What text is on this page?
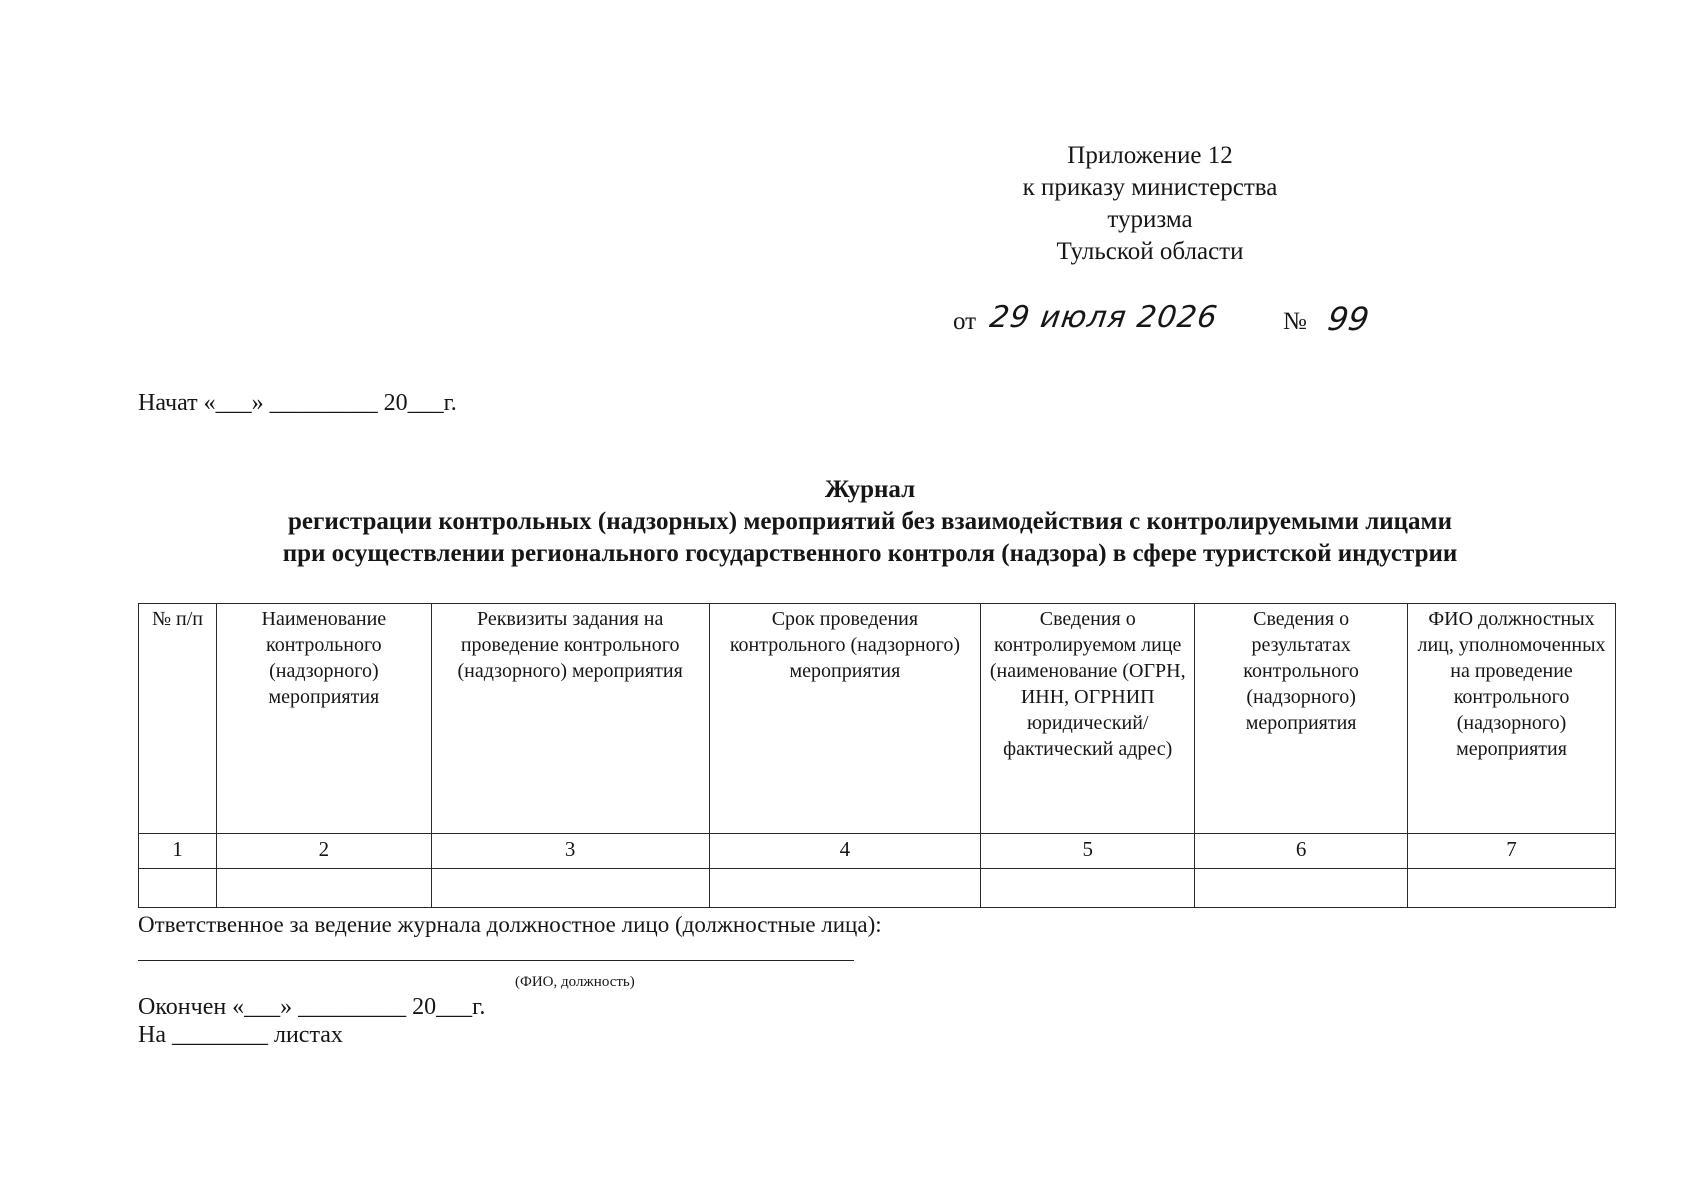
Приложение 12
к приказу министерства
туризма
Тульской области
от 29 июля 2026	№ 99
Начат «___» _________ 20___г.
Журнал
регистрации контрольных (надзорных) мероприятий без взаимодействия с контролируемыми лицами
при осуществлении регионального государственного контроля (надзора) в сфере туристской индустрии
№ п/п	Наименование контрольного (надзорного) мероприятия	Реквизиты задания на проведение контрольного (надзорного) мероприятия	Срок проведения контрольного (надзорного) мероприятия	Сведения о контролируемом лице (наименование (ОГРН, ИНН, ОГРНИП юридический/фактический адрес)	Сведения о результатах контрольного (надзорного) мероприятия	ФИО должностных лиц, уполномоченных на проведение контрольного (надзорного) мероприятия
1	2	3	4	5	6	7

Ответственное за ведение журнала должностное лицо (должностные лица):
(ФИО, должность)
Окончен «___» _________ 20___г.
На ________ листах
